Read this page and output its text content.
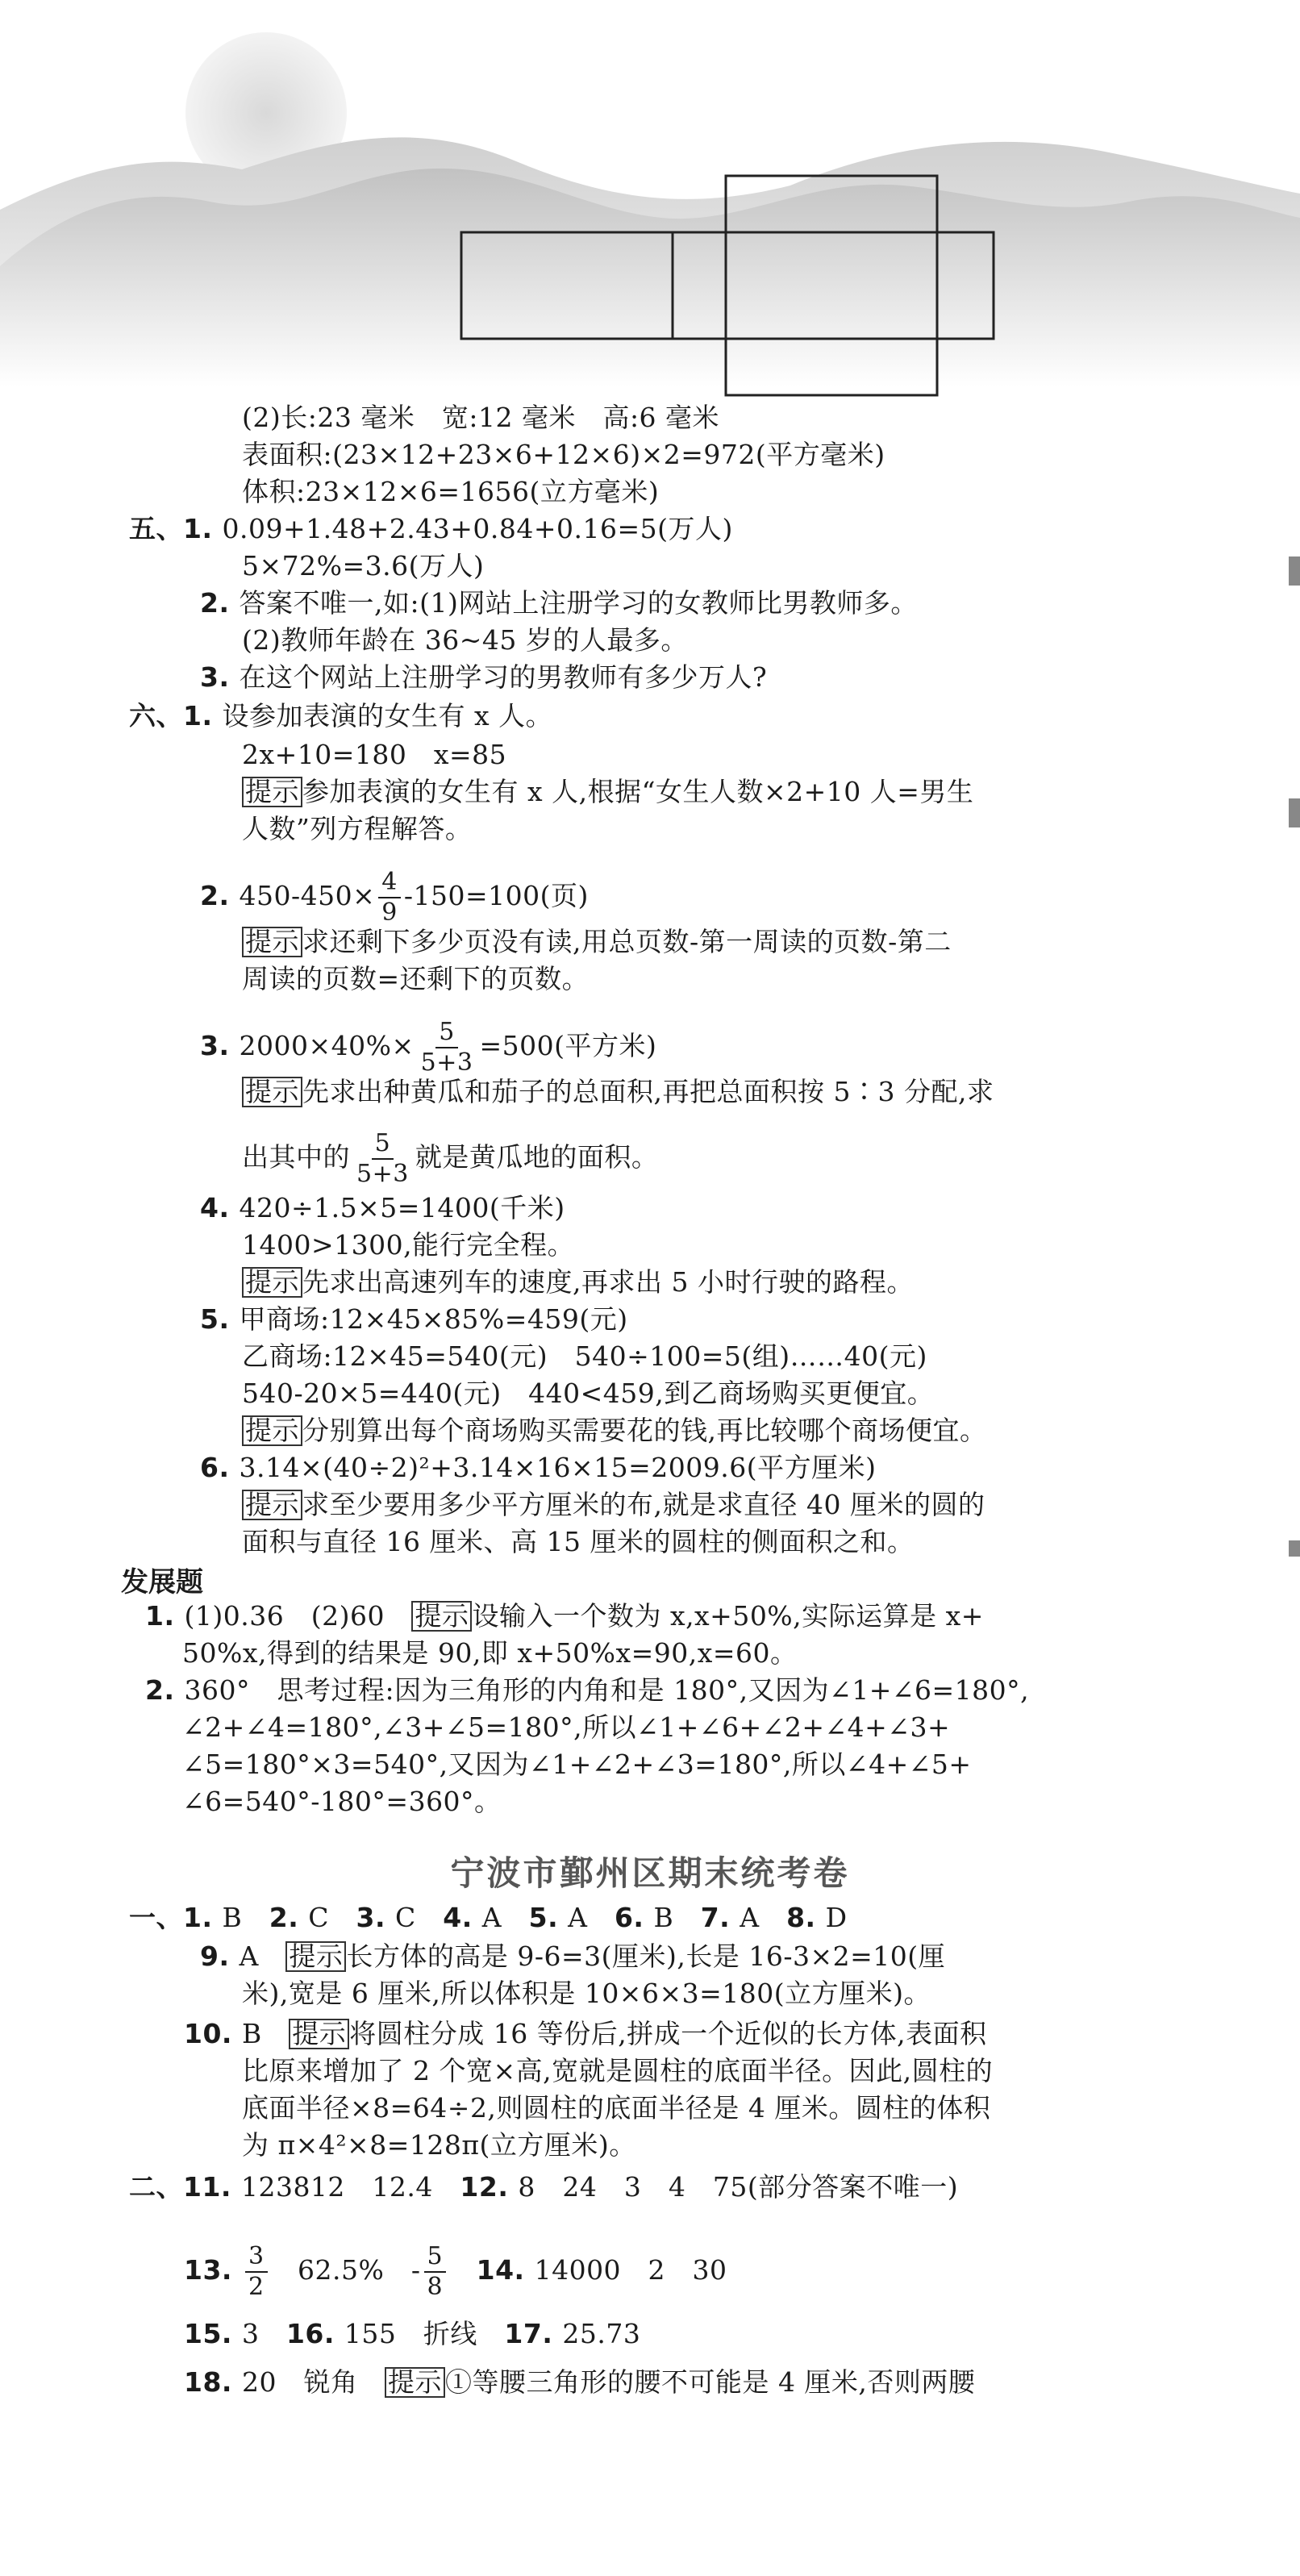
(2)长:23 毫米　宽:12 毫米　高:6 毫米
表面积:(23×12+23×6+12×6)×2=972(平方毫米)
体积:23×12×6=1656(立方毫米)
五、1. 0.09+1.48+2.43+0.84+0.16=5(万人)
5×72%=3.6(万人)
2. 答案不唯一,如:(1)网站上注册学习的女教师比男教师多。
(2)教师年龄在 36~45 岁的人最多。
3. 在这个网站上注册学习的男教师有多少万人?
六、1. 设参加表演的女生有 x 人。
2x+10=180　x=85
提示 参加表演的女生有 x 人,根据“女生人数×2+10 人=男生
人数”列方程解答。
2. $450-450\times \frac{4}{9} -150=100$(页)
提示 求还剩下多少页没有读,用总页数-第一周读的页数-第二
周读的页数=还剩下的页数。
3. $2000\times 40\%\times \frac{5}{5+3} =500$(平方米)
提示 先求出种黄瓜和茄子的总面积,再把总面积按 5∶3 分配,求
出其中的 $\frac{5}{5+3}$ 就是黄瓜地的面积。
4. 420÷1.5×5=1400(千米)
1400>1300,能行完全程。
提示 先求出高速列车的速度,再求出 5 小时行驶的路程。
5. 甲商场:12×45×85%=459(元)
乙商场:12×45=540(元)　540÷100=5(组)……40(元)
540-20×5=440(元)　440<459,到乙商场购买更便宜。
提示 分别算出每个商场购买需要花的钱,再比较哪个商场便宜。
6. 3.14×(40÷2)²+3.14×16×15=2009.6(平方厘米)
提示 求至少要用多少平方厘米的布,就是求直径 40 厘米的圆的
面积与直径 16 厘米、高 15 厘米的圆柱的侧面积之和。
1. (1)0.36　(2)60　提示 设输入一个数为 x,x+50%,实际运算是 x+
50%x,得到的结果是 90,即 x+50%x=90,x=60。
2. 360°　思考过程:因为三角形的内角和是 180°,又因为∠1+∠6=180°,
∠2+∠4=180°,∠3+∠5=180°,所以∠1+∠6+∠2+∠4+∠3+
∠5=180°×3=540°,又因为∠1+∠2+∠3=180°,所以∠4+∠5+
∠6=540°-180°=360°。
一、1. B　2. C　3. C　4. A　5. A　6. B　7. A　8. D
9. A　提示 长方体的高是 9-6=3(厘米),长是 16-3×2=10(厘
米),宽是 6 厘米,所以体积是 10×6×3=180(立方厘米)。
10. B　提示 将圆柱分成 16 等份后,拼成一个近似的长方体,表面积
比原来增加了 2 个宽×高,宽就是圆柱的底面半径。因此,圆柱的
底面半径×8=64÷2,则圆柱的底面半径是 4 厘米。圆柱的体积
为 π×4²×8=128π(立方厘米)。
二、11. 123812　12.4　12. 8　24　3　4　75(部分答案不唯一)
13. $\frac{3}{2}$ 　62.5%　- $\frac{5}{8}$
　 14. 14000　2　30
15. 3　16. 155　折线　17. 25.73
18. 20　锐角　提示 ①等腰三角形的腰不可能是 4 厘米,否则两腰
发展题
宁波市鄞州区期末统考卷
